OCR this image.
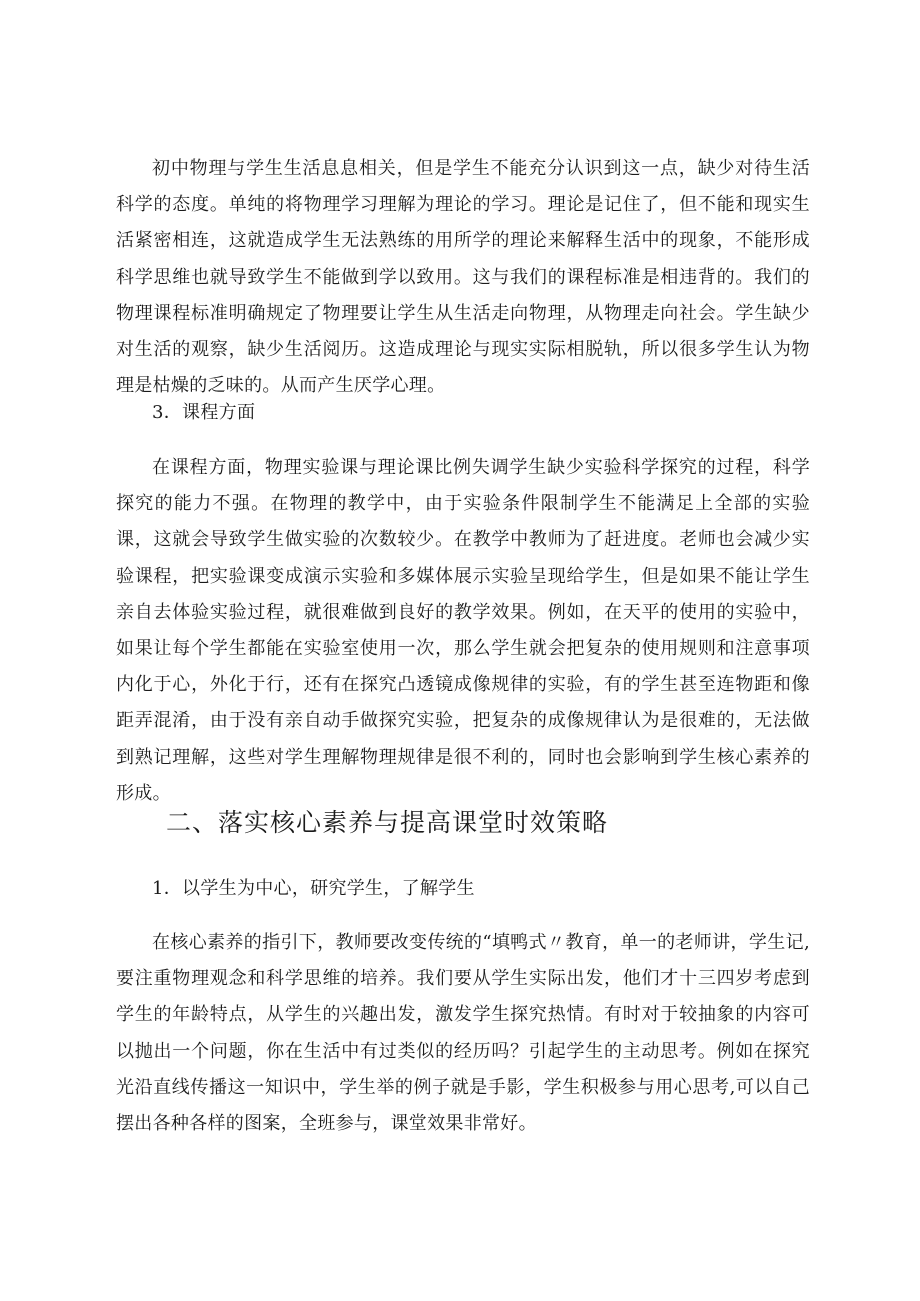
初中物理与学生生活息息相关，但是学生不能充分认识到这一点，缺少对待生活科学的态度。单纯的将物理学习理解为理论的学习。理论是记住了，但不能和现实生活紧密相连，这就造成学生无法熟练的用所学的理论来解释生活中的现象，不能形成科学思维也就导致学生不能做到学以致用。这与我们的课程标准是相违背的。我们的物理课程标准明确规定了物理要让学生从生活走向物理，从物理走向社会。学生缺少对生活的观察，缺少生活阅历。这造成理论与现实实际相脱轨，所以很多学生认为物理是枯燥的乏味的。从而产生厌学心理。

3．课程方面

在课程方面，物理实验课与理论课比例失调学生缺少实验科学探究的过程，科学探究的能力不强。在物理的教学中，由于实验条件限制学生不能满足上全部的实验课，这就会导致学生做实验的次数较少。在教学中教师为了赶进度。老师也会减少实验课程，把实验课变成演示实验和多媒体展示实验呈现给学生，但是如果不能让学生亲自去体验实验过程，就很难做到良好的教学效果。例如，在天平的使用的实验中，如果让每个学生都能在实验室使用一次，那么学生就会把复杂的使用规则和注意事项内化于心，外化于行，还有在探究凸透镜成像规律的实验，有的学生甚至连物距和像距弄混淆，由于没有亲自动手做探究实验，把复杂的成像规律认为是很难的，无法做到熟记理解，这些对学生理解物理规律是很不利的，同时也会影响到学生核心素养的形成。

二、落实核心素养与提高课堂时效策略

1．以学生为中心，研究学生，了解学生

在核心素养的指引下，教师要改变传统的“填鸭式〃教育，单一的老师讲，学生记,要注重物理观念和科学思维的培养。我们要从学生实际出发，他们才十三四岁考虑到学生的年龄特点，从学生的兴趣出发，激发学生探究热情。有时对于较抽象的内容可以抛出一个问题，你在生活中有过类似的经历吗？引起学生的主动思考。例如在探究光沿直线传播这一知识中，学生举的例子就是手影，学生积极参与用心思考,可以自己摆出各种各样的图案，全班参与，课堂效果非常好。
